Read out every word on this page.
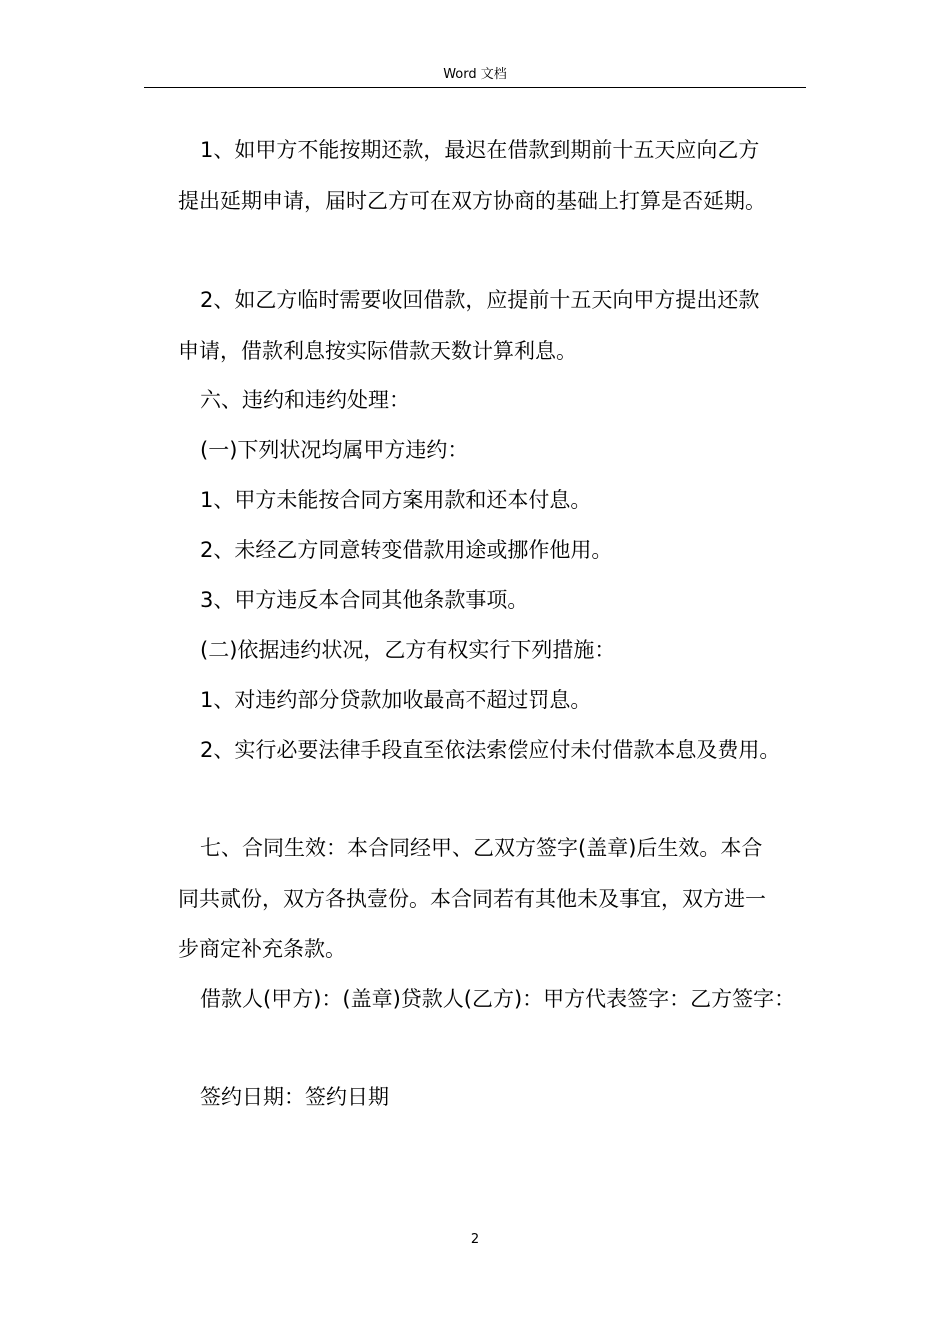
Word 文档
1、如甲方不能按期还款，最迟在借款到期前十五天应向乙方
提出延期申请，届时乙方可在双方协商的基础上打算是否延期。
2、如乙方临时需要收回借款，应提前十五天向甲方提出还款
申请，借款利息按实际借款天数计算利息。
六、违约和违约处理：
(一)下列状况均属甲方违约：
1、甲方未能按合同方案用款和还本付息。
2、未经乙方同意转变借款用途或挪作他用。
3、甲方违反本合同其他条款事项。
(二)依据违约状况，乙方有权实行下列措施：
1、对违约部分贷款加收最高不超过罚息。
2、实行必要法律手段直至依法索偿应付未付借款本息及费用。
七、合同生效：本合同经甲、乙双方签字(盖章)后生效。本合
同共贰份，双方各执壹份。本合同若有其他未及事宜，双方进一
步商定补充条款。
借款人(甲方)：(盖章)贷款人(乙方)：甲方代表签字：乙方签字：
签约日期：签约日期
2
